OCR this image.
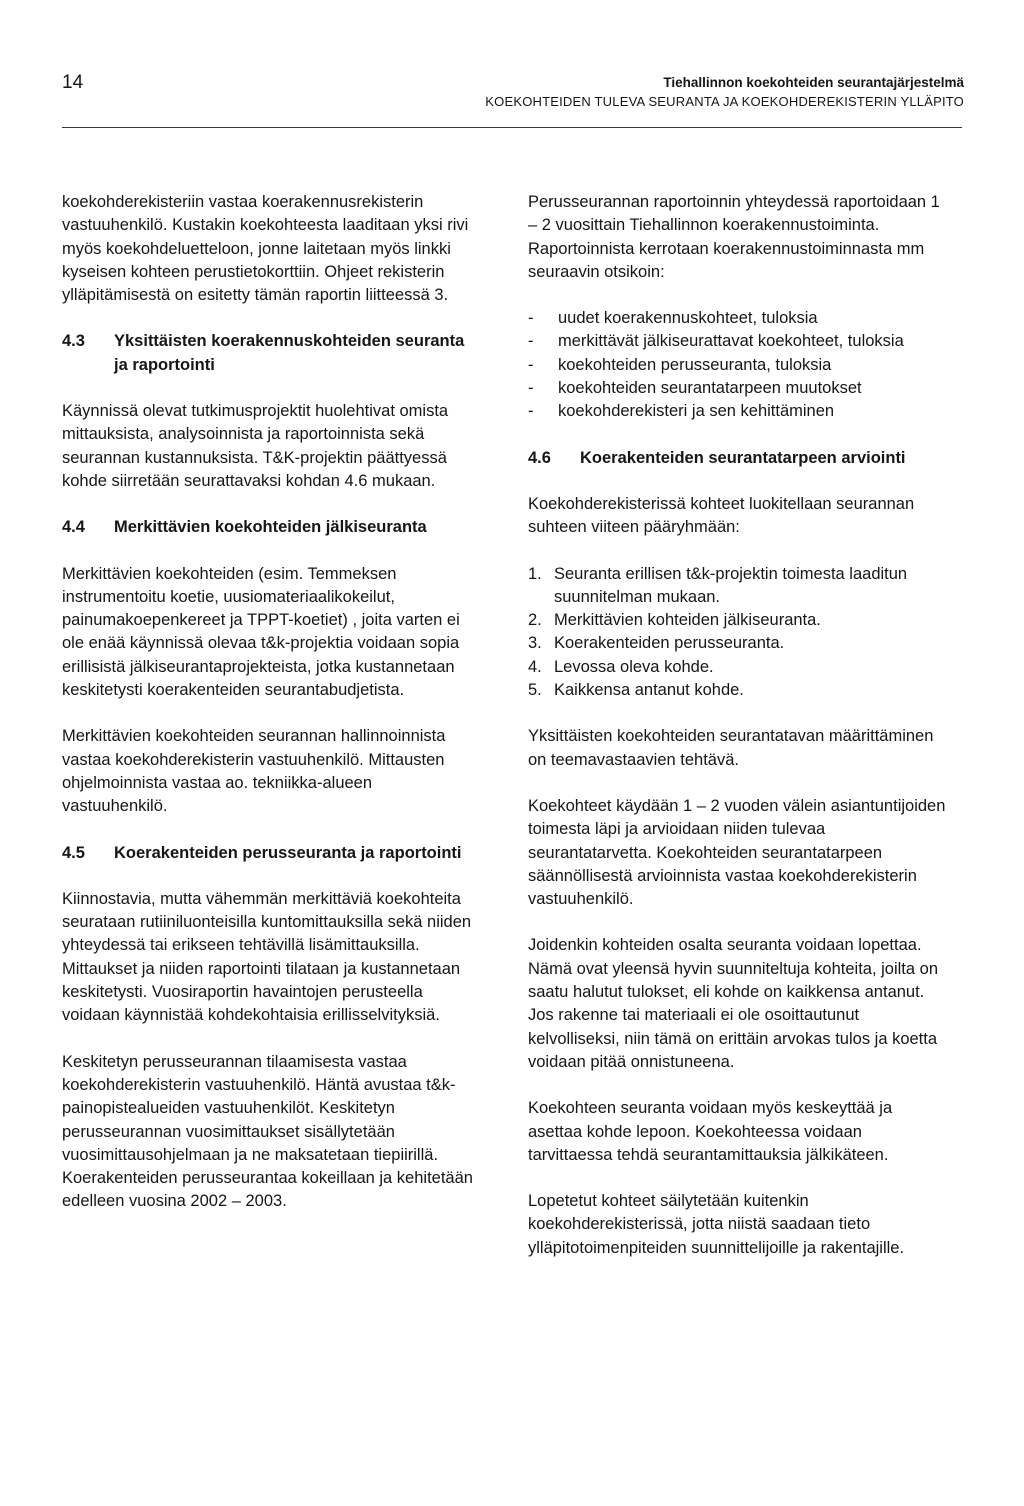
14	Tiehallinnon koekohteiden seurantajärjestelmä
KOEKOHTEIDEN TULEVA SEURANTA JA KOEKOHDEREKISTERIN YLLÄPITO

koekohderekisteriin vastaa koerakennusrekisterin vastuuhenkilö. Kustakin koekohteesta laaditaan yksi rivi myös koekohdeluetteloon, jonne laitetaan myös linkki kyseisen kohteen perustietokorttiin. Ohjeet rekisterin ylläpitämisestä on esitetty tämän raportin liitteessä 3.

4.3	Yksittäisten koerakennuskohteiden seuranta ja raportointi

Käynnissä olevat tutkimusprojektit huolehtivat omista mittauksista, analysoinnista ja raportoinnista sekä seurannan kustannuksista. T&K-projektin päättyessä kohde siirretään seurattavaksi kohdan 4.6 mukaan.

4.4	Merkittävien koekohteiden jälkiseuranta

Merkittävien koekohteiden (esim. Temmeksen instrumentoitu koetie, uusiomateriaalikokeilut, painumakoepenkereet ja TPPT-koetiet) , joita varten ei ole enää käynnissä olevaa t&k-projektia voidaan sopia erillisistä jälkiseurantaprojekteista, jotka kustannetaan keskitetysti koerakenteiden seurantabudjetista.

Merkittävien koekohteiden seurannan hallinnoinnista vastaa koekohderekisterin vastuuhenkilö. Mittausten ohjelmoinnista vastaa ao. tekniikka-alueen vastuuhenkilö.

4.5	Koerakenteiden perusseuranta ja raportointi

Kiinnostavia, mutta vähemmän merkittäviä koekohteita seurataan rutiiniluonteisilla kuntomittauksilla sekä niiden yhteydessä tai erikseen tehtävillä lisämittauksilla. Mittaukset ja niiden raportointi tilataan ja kustannetaan keskitetysti. Vuosiraportin havaintojen perusteella voidaan käynnistää kohdekohtaisia erillisselvityksiä.

Keskitetyn perusseurannan tilaamisesta vastaa koekohderekisterin vastuuhenkilö. Häntä avustaa t&k-painopistealueiden vastuuhenkilöt. Keskitetyn perusseurannan vuosimittaukset sisällytetään vuosimittausohjelmaan ja ne maksatetaan tiepiirillä. Koerakenteiden perusseurantaa kokeillaan ja kehitetään edelleen vuosina 2002 – 2003.

Perusseurannan raportoinnin yhteydessä raportoidaan 1 – 2 vuosittain Tiehallinnon koerakennustoiminta. Raportoinnista kerrotaan koerakennustoiminnasta mm seuraavin otsikoin:

-	uudet koerakennuskohteet, tuloksia
-	merkittävät jälkiseurattavat koekohteet, tuloksia
-	koekohteiden perusseuranta, tuloksia
-	koekohteiden seurantatarpeen muutokset
-	koekohderekisteri ja sen kehittäminen
4.6	Koerakenteiden seurantatarpeen arviointi

Koekohderekisterissä kohteet luokitellaan seurannan suhteen viiteen pääryhmään:

1. Seuranta erillisen t&k-projektin toimesta laaditun suunnitelman mukaan.
2. Merkittävien kohteiden jälkiseuranta.
3. Koerakenteiden perusseuranta.
4. Levossa oleva kohde.
5. Kaikkensa antanut kohde.

Yksittäisten koekohteiden seurantatavan määrittäminen on teemavastaavien tehtävä.

Koekohteet käydään 1 – 2 vuoden välein asiantuntijoiden toimesta läpi ja arvioidaan niiden tulevaa seurantatarvetta. Koekohteiden seurantatarpeen säännöllisestä arvioinnista vastaa koekohderekisterin vastuuhenkilö.

Joidenkin kohteiden osalta seuranta voidaan lopettaa. Nämä ovat yleensä hyvin suunniteltuja kohteita, joilta on saatu halutut tulokset, eli kohde on kaikkensa antanut. Jos rakenne tai materiaali ei ole osoittautunut kelvolliseksi, niin tämä on erittäin arvokas tulos ja koetta voidaan pitää onnistuneena.

Koekohteen seuranta voidaan myös keskeyttää ja asettaa kohde lepoon. Koekohteessa voidaan tarvittaessa tehdä seurantamittauksia jälkikäteen.

Lopetetut kohteet säilytetään kuitenkin koekohderekisterissä, jotta niistä saadaan tieto ylläpitotoimenpiteiden suunnittelijoille ja rakentajille.
